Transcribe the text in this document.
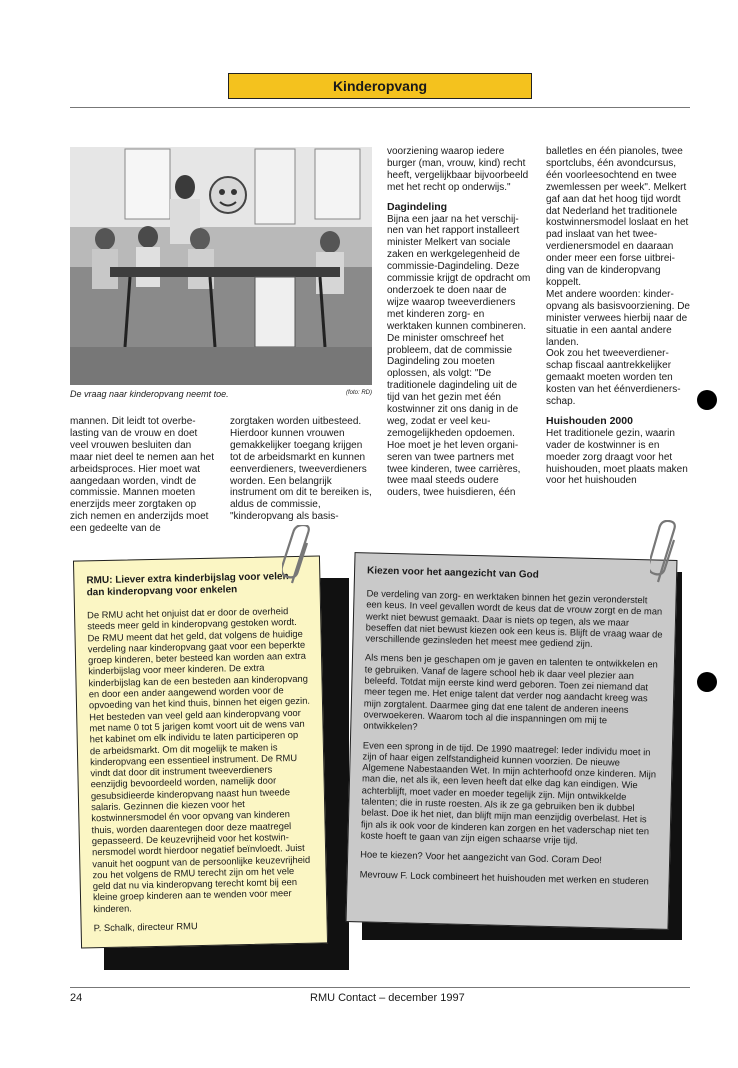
Kinderopvang
De vraag naar kinderopvang neemt toe.	(foto: RD)

mannen. Dit leidt tot overbelasting van de vrouw en doet veel vrouwen besluiten dan maar niet deel te nemen aan het arbeidsproces. Hier moet wat aangedaan worden, vindt de commissie. Mannen moeten enerzijds meer zorgtaken op zich nemen en anderzijds moet een gedeelte van de

zorgtaken worden uitbesteed. Hierdoor kunnen vrouwen gemakkelijker toegang krijgen tot de arbeidsmarkt en kunnen eenverdieners, tweeverdieners worden. Een belangrijk instrument om dit te bereiken is, aldus de commissie, "kinderopvang als basis-

voorziening waarop iedere burger (man, vrouw, kind) recht heeft, vergelijkbaar bijvoorbeeld met het recht op onderwijs."

Dagindeling

Bijna een jaar na het verschijnen van het rapport installeert minister Melkert van sociale zaken en werkgelegenheid de commissie-Dagindeling. Deze commissie krijgt de opdracht om onderzoek te doen naar de wijze waarop tweeverdieners met kinderen zorg- en werktaken kunnen combineren. De minister omschreef het probleem, dat de commissie Dagindeling zou moeten oplossen, als volgt: "De traditionele dagindeling uit de tijd van het gezin met één kostwinner zit ons danig in de weg, zodat er veel keuzemogelijkheden opdoemen. Hoe moet je het leven organiseren van twee partners met twee kinderen, twee carrières, twee maal steeds oudere ouders, twee huisdieren, één

balletles en één pianoles, twee sportclubs, één avondcursus, één voorleesochtend en twee zwemlessen per week". Melkert gaf aan dat het hoog tijd wordt dat Nederland het traditionele kostwinnersmodel loslaat en het pad inslaat van het tweeverdienersmodel en daaraan onder meer een forse uitbreiding van de kinderopvang koppelt.

Met andere woorden: kinderopvang als basisvoorziening. De minister verwees hierbij naar de situatie in een aantal andere landen.

Ook zou het tweeverdienerschap fiscaal aantrekkelijker gemaakt moeten worden ten kosten van het éénverdienersschap.

Huishouden 2000

Het traditionele gezin, waarin vader de kostwinner is en moeder zorg draagt voor het huishouden, moet plaats maken voor het huishouden

RMU: Liever extra kinderbijslag voor velen dan kinderopvang voor enkelen

De RMU acht het onjuist dat er door de overheid steeds meer geld in kinderopvang gestoken wordt. De RMU meent dat het geld, dat volgens de huidige verdeling naar kinderopvang gaat voor een beperkte groep kinderen, beter besteed kan worden aan extra kinderbijslag voor meer kinderen. De extra kinderbijslag kan de een besteden aan kinderopvang en door een ander aangewend worden voor de opvoeding van het kind thuis, binnen het eigen gezin. Het besteden van veel geld aan kinderopvang voor met name 0 tot 5 jarigen komt voort uit de wens van het kabinet om elk individu te laten participeren op de arbeidsmarkt. Om dit mogelijk te maken is kinderopvang een essentieel instrument. De RMU vindt dat door dit instrument tweeverdieners eenzijdig bevoordeeld worden, namelijk door gesubsidieerde kinderopvang naast hun tweede salaris. Gezinnen die kiezen voor het kostwinnersmodel én voor opvang van kinderen thuis, worden daarentegen door deze maatregel gepasseerd. De keuzevrijheid voor het kostwinnersmodel wordt hierdoor negatief beïnvloedt. Juist vanuit het oogpunt van de persoonlijke keuzevrijheid zou het volgens de RMU terecht zijn om het vele geld dat nu via kinderopvang terecht komt bij een kleine groep kinderen aan te wenden voor meer kinderen.

P. Schalk, directeur RMU

Kiezen voor het aangezicht van God

De verdeling van zorg- en werktaken binnen het gezin veronderstelt een keus. In veel gevallen wordt de keus dat de vrouw zorgt en de man werkt niet bewust gemaakt. Daar is niets op tegen, als we maar beseffen dat niet bewust kiezen ook een keus is. Blijft de vraag waar de verschillende gezinsleden het meest mee gediend zijn.

Als mens ben je geschapen om je gaven en talenten te ontwikkelen en te gebruiken. Vanaf de lagere school heb ik daar veel plezier aan beleefd. Totdat mijn eerste kind werd geboren. Toen zei niemand dat meer tegen me. Het enige talent dat verder nog aandacht kreeg was mijn zorgtalent. Daarmee ging dat ene talent de anderen ineens overwoekeren. Waarom toch al die inspanningen om mij te ontwikkelen?

Even een sprong in de tijd. De 1990 maatregel: Ieder individu moet in zijn of haar eigen zelfstandigheid kunnen voorzien. De nieuwe Algemene Nabestaanden Wet. In mijn achterhoofd onze kinderen. Mijn man die, net als ik, een leven heeft dat elke dag kan eindigen. Wie achterblijft, moet vader en moeder tegelijk zijn. Mijn ontwikkelde talenten; die in ruste roesten. Als ik ze ga gebruiken ben ik dubbel belast. Doe ik het niet, dan blijft mijn man eenzijdig overbelast. Het is fijn als ik ook voor de kinderen kan zorgen en het vaderschap niet ten koste hoeft te gaan van zijn eigen schaarse vrije tijd.

Hoe te kiezen? Voor het aangezicht van God. Coram Deo!

Mevrouw F. Lock combineert het huishouden met werken en studeren

24	RMU Contact – december 1997
